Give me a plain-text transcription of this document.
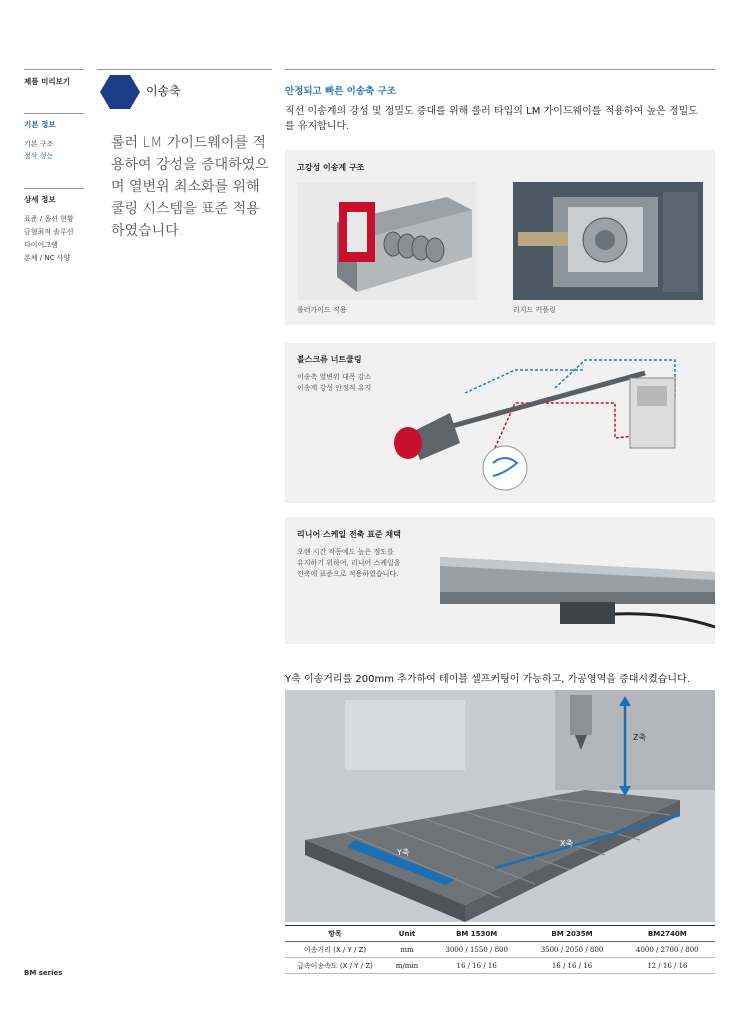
제품 미리보기
기본 정보
기본 구조
절삭 성능
상세 정보
표준 / 옵션 현황
금형최적 솔루션
다이어그램
본체 / NC 사양
이송축
롤러 LM 가이드웨이를 적용하여 강성을 증대하였으며 열변위 최소화를 위해 쿨링 시스템을 표준 적용하였습니다.
안정되고 빠른 이송축 구조
직선 이송계의 강성 및 정밀도 증대를 위해 롤러 타입의 LM 가이드웨이를 적용하여 높은 정밀도를 유지합니다.
고강성 이송계 구조
롤러가이드 적용	리지드 커플링
볼스크류 너트쿨링
이송축 열변위 대폭 감소
이송계 강성 안정적 유지
리니어 스케일 전축 표준 채택
오랜 시간 작동에도 높은 정도를
유지하기 위하여, 리니어 스케일을
전축에 표준으로 적용하였습니다.
Y축 이송거리를 200mm 추가하여 테이블 셀프커팅이 가능하고, 가공영역을 증대시켰습니다.
Y축
X축
Z축
항목	Unit	BM 1530M	BM 2035M	BM2740M
이송거리 (X / Y / Z)	mm	3000 / 1550 / 800	3500 / 2050 / 800	4000 / 2700 / 800
급속이송속도 (X / Y / Z)	m/min	16 / 16 / 16	16 / 16 / 16	12 / 16 / 16
BM series
